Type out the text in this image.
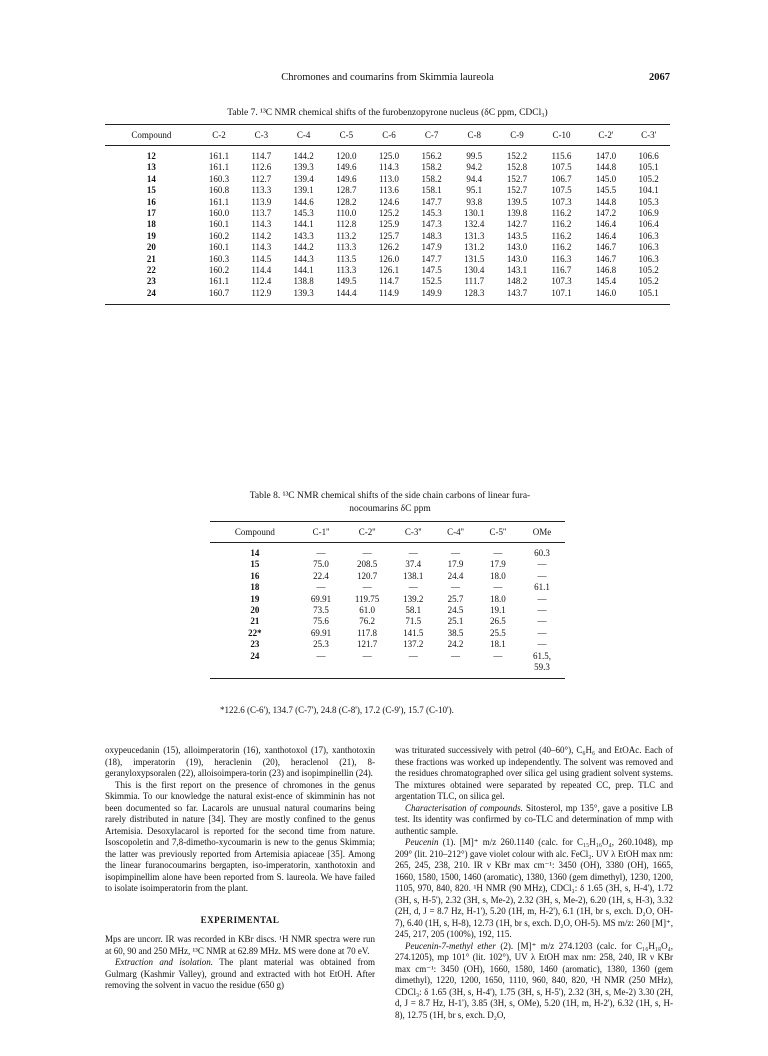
Chromones and coumarins from Skimmia laureola	2067
Table 7. ¹³C NMR chemical shifts of the furobenzopyrone nucleus (δC ppm, CDCl₃)
Compound	C-2	C-3	C-4	C-5	C-6	C-7	C-8	C-9	C-10	C-2'	C-3'
12	161.1	114.7	144.2	120.0	125.0	156.2	99.5	152.2	115.6	147.0	106.6
13	161.1	112.6	139.3	149.6	114.3	158.2	94.2	152.8	107.5	144.8	105.1
14	160.3	112.7	139.4	149.6	113.0	158.2	94.4	152.7	106.7	145.0	105.2
15	160.8	113.3	139.1	128.7	113.6	158.1	95.1	152.7	107.5	145.5	104.1
16	161.1	113.9	144.6	128.2	124.6	147.7	93.8	139.5	107.3	144.8	105.3
17	160.0	113.7	145.3	110.0	125.2	145.3	130.1	139.8	116.2	147.2	106.9
18	160.1	114.3	144.1	112.8	125.9	147.3	132.4	142.7	116.2	146.4	106.4
19	160.2	114.2	143.3	113.2	125.7	148.3	131.3	143.5	116.2	146.4	106.3
20	160.1	114.3	144.2	113.3	126.2	147.9	131.2	143.0	116.2	146.7	106.3
21	160.3	114.5	144.3	113.5	126.0	147.7	131.5	143.0	116.3	146.7	106.3
22	160.2	114.4	144.1	113.3	126.1	147.5	130.4	143.1	116.7	146.8	105.2
23	161.1	112.4	138.8	149.5	114.7	152.5	111.7	148.2	107.3	145.4	105.2
24	160.7	112.9	139.3	144.4	114.9	149.9	128.3	143.7	107.1	146.0	105.1
Table 8. ¹³C NMR chemical shifts of the side chain carbons of linear fura-
nocoumarins δC ppm
Compound	C-1''	C-2''	C-3''	C-4''	C-5''	OMe
14	—	—	—	—	—	60.3
15	75.0	208.5	37.4	17.9	17.9	—
16	22.4	120.7	138.1	24.4	18.0	—
18	—	—	—	—	—	61.1
19	69.91	119.75	139.2	25.7	18.0	—
20	73.5	61.0	58.1	24.5	19.1	—
21	75.6	76.2	71.5	25.1	26.5	—
22*	69.91	117.8	141.5	38.5	25.5	—
23	25.3	121.7	137.2	24.2	18.1	—
24	—	—	—	—	—	61.5,
						59.3
*122.6 (C-6'), 134.7 (C-7'), 24.8 (C-8'), 17.2 (C-9'), 15.7 (C-10').

oxypeucedanin (15), alloimperatorin (16), xanthotoxol (17), xanthotoxin (18), imperatorin (19), heraclenin (20), heraclenol (21), 8-geranyloxypsoralen (22), alloisoimpera-torin (23) and isopimpinellin (24).

This is the first report on the presence of chromones in the genus Skimmia. To our knowledge the natural exist-ence of skimminin has not been documented so far. Lacarols are unusual natural coumarins being rarely distributed in nature [34]. They are mostly confined to the genus Artemisia. Desoxylacarol is reported for the second time from nature. Isoscopoletin and 7,8-dimetho-xycoumarin is new to the genus Skimmia; the latter was previously reported from Artemisia apiaceae [35]. Among the linear furanocoumarins bergapten, iso-imperatorin, xanthotoxin and isopimpinellim alone have been reported from S. laureola. We have failed to isolate isoimperatorin from the plant.

EXPERIMENTAL

Mps are uncorr. IR was recorded in KBr discs. ¹H NMR spectra were run at 60, 90 and 250 MHz, ¹³C NMR at 62.89 MHz. MS were done at 70 eV.

Extraction and isolation. The plant material was obtained from Gulmarg (Kashmir Valley), ground and extracted with hot EtOH. After removing the solvent in vacuo the residue (650 g)

was triturated successively with petrol (40–60°), C₆H₆ and EtOAc. Each of these fractions was worked up independently. The solvent was removed and the residues chromatographed over silica gel using gradient solvent systems. The mixtures obtained were separated by repeated CC, prep. TLC and argentation TLC, on silica gel.

Characterisation of compounds. Sitosterol, mp 135°, gave a positive LB test. Its identity was confirmed by co-TLC and determination of mmp with authentic sample.

Peucenin (1). [M]⁺ m/z 260.1140 (calc. for C₁₅H₁₆O₄, 260.1048), mp 209° (lit. 210–212°) gave violet colour with alc. FeCl₃. UV λ EtOH max nm: 265, 245, 238, 210. IR ν KBr max cm⁻¹: 3450 (OH), 3380 (OH), 1665, 1660, 1580, 1500, 1460 (aromatic), 1380, 1360 (gem dimethyl), 1230, 1200, 1105, 970, 840, 820. ¹H NMR (90 MHz), CDCl₃: δ 1.65 (3H, s, H-4'), 1.72 (3H, s, H-5'), 2.32 (3H, s, Me-2), 2.32 (3H, s, Me-2), 6.20 (1H, s, H-3), 3.32 (2H, d, J = 8.7 Hz, H-1'), 5.20 (1H, m, H-2'), 6.1 (1H, br s, exch. D₂O, OH-7), 6.40 (1H, s, H-8), 12.73 (1H, br s, exch. D₂O, OH-5). MS m/z: 260 [M]⁺, 245, 217, 205 (100%), 192, 115.

Peucenin-7-methyl ether (2). [M]⁺ m/z 274.1203 (calc. for C₁₆H₁₈O₄, 274.1205), mp 101° (lit. 102°), UV λ EtOH max nm: 258, 240, IR ν KBr max cm⁻¹: 3450 (OH), 1660, 1580, 1460 (aromatic), 1380, 1360 (gem dimethyl), 1220, 1200, 1650, 1110, 960, 840, 820, ¹H NMR (250 MHz), CDCl₃: δ 1.65 (3H, s, H-4'), 1.75 (3H, s, H-5'), 2.32 (3H, s, Me-2) 3.30 (2H, d, J = 8.7 Hz, H-1'), 3.85 (3H, s, OMe), 5.20 (1H, m, H-2'), 6.32 (1H, s, H-8), 12.75 (1H, br s, exch. D₂O,
